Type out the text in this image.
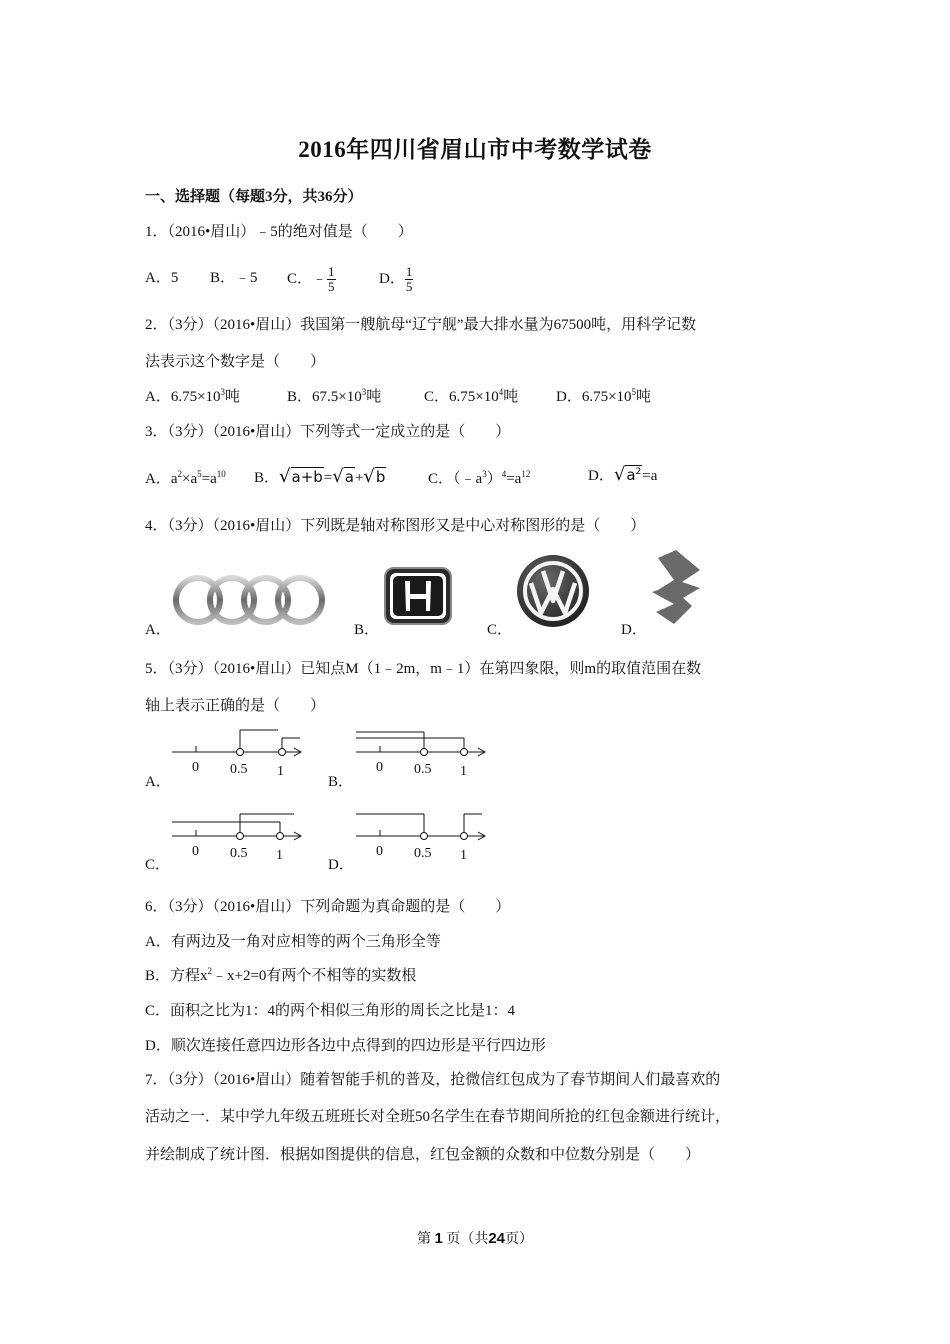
2016年四川省眉山市中考数学试卷
一、选择题（每题3分，共36分）
1．（2016•眉山）﹣5的绝对值是（　　）
A．5 B．﹣5 C．﹣ $\frac{1}{5}$	D． $\frac{1}{5}$
2．（3分）（2016•眉山）我国第一艘航母“辽宁舰”最大排水量为67500吨，用科学记数
法表示这个数字是（　　）
A．$6.75\times 10^3$吨	B．$67.5\times 10^3$吨	C．$6.75\times 10^4$吨	D．$6.75\times 10^5$吨
3．（3分）（2016•眉山）下列等式一定成立的是（　　）
A．$a^2\times a^5=a^{10}$ B．√a+b=√a+√b	C．$(﹣a^3)^4=a^{12}$	D．$√a^2=a$
4．（3分）（2016•眉山）下列既是轴对称图形又是中心对称图形的是（　　）
A．	B．	C．	D．
5．（3分）（2016•眉山）已知点M（1﹣2m，m﹣1）在第四象限，则m的取值范围在数
轴上表示正确的是（　　）
0 0.5 1
A．
0 0.5 1
B．
0 0.5 1
C．
0 0.5 1
D．
6．（3分）（2016•眉山）下列命题为真命题的是（　　）
A．有两边及一角对应相等的两个三角形全等
B．方程$x^2﹣x+2=0$有两个不相等的实数根
C．面积之比为1：4的两个相似三角形的周长之比是1：4
D．顺次连接任意四边形各边中点得到的四边形是平行四边形
7．（3分）（2016•眉山）随着智能手机的普及，抢微信红包成为了春节期间人们最喜欢的
活动之一．某中学九年级五班班长对全班50名学生在春节期间所抢的红包金额进行统计，
并绘制成了统计图．根据如图提供的信息，红包金额的众数和中位数分别是（　　）
第 1 页（共24页）
